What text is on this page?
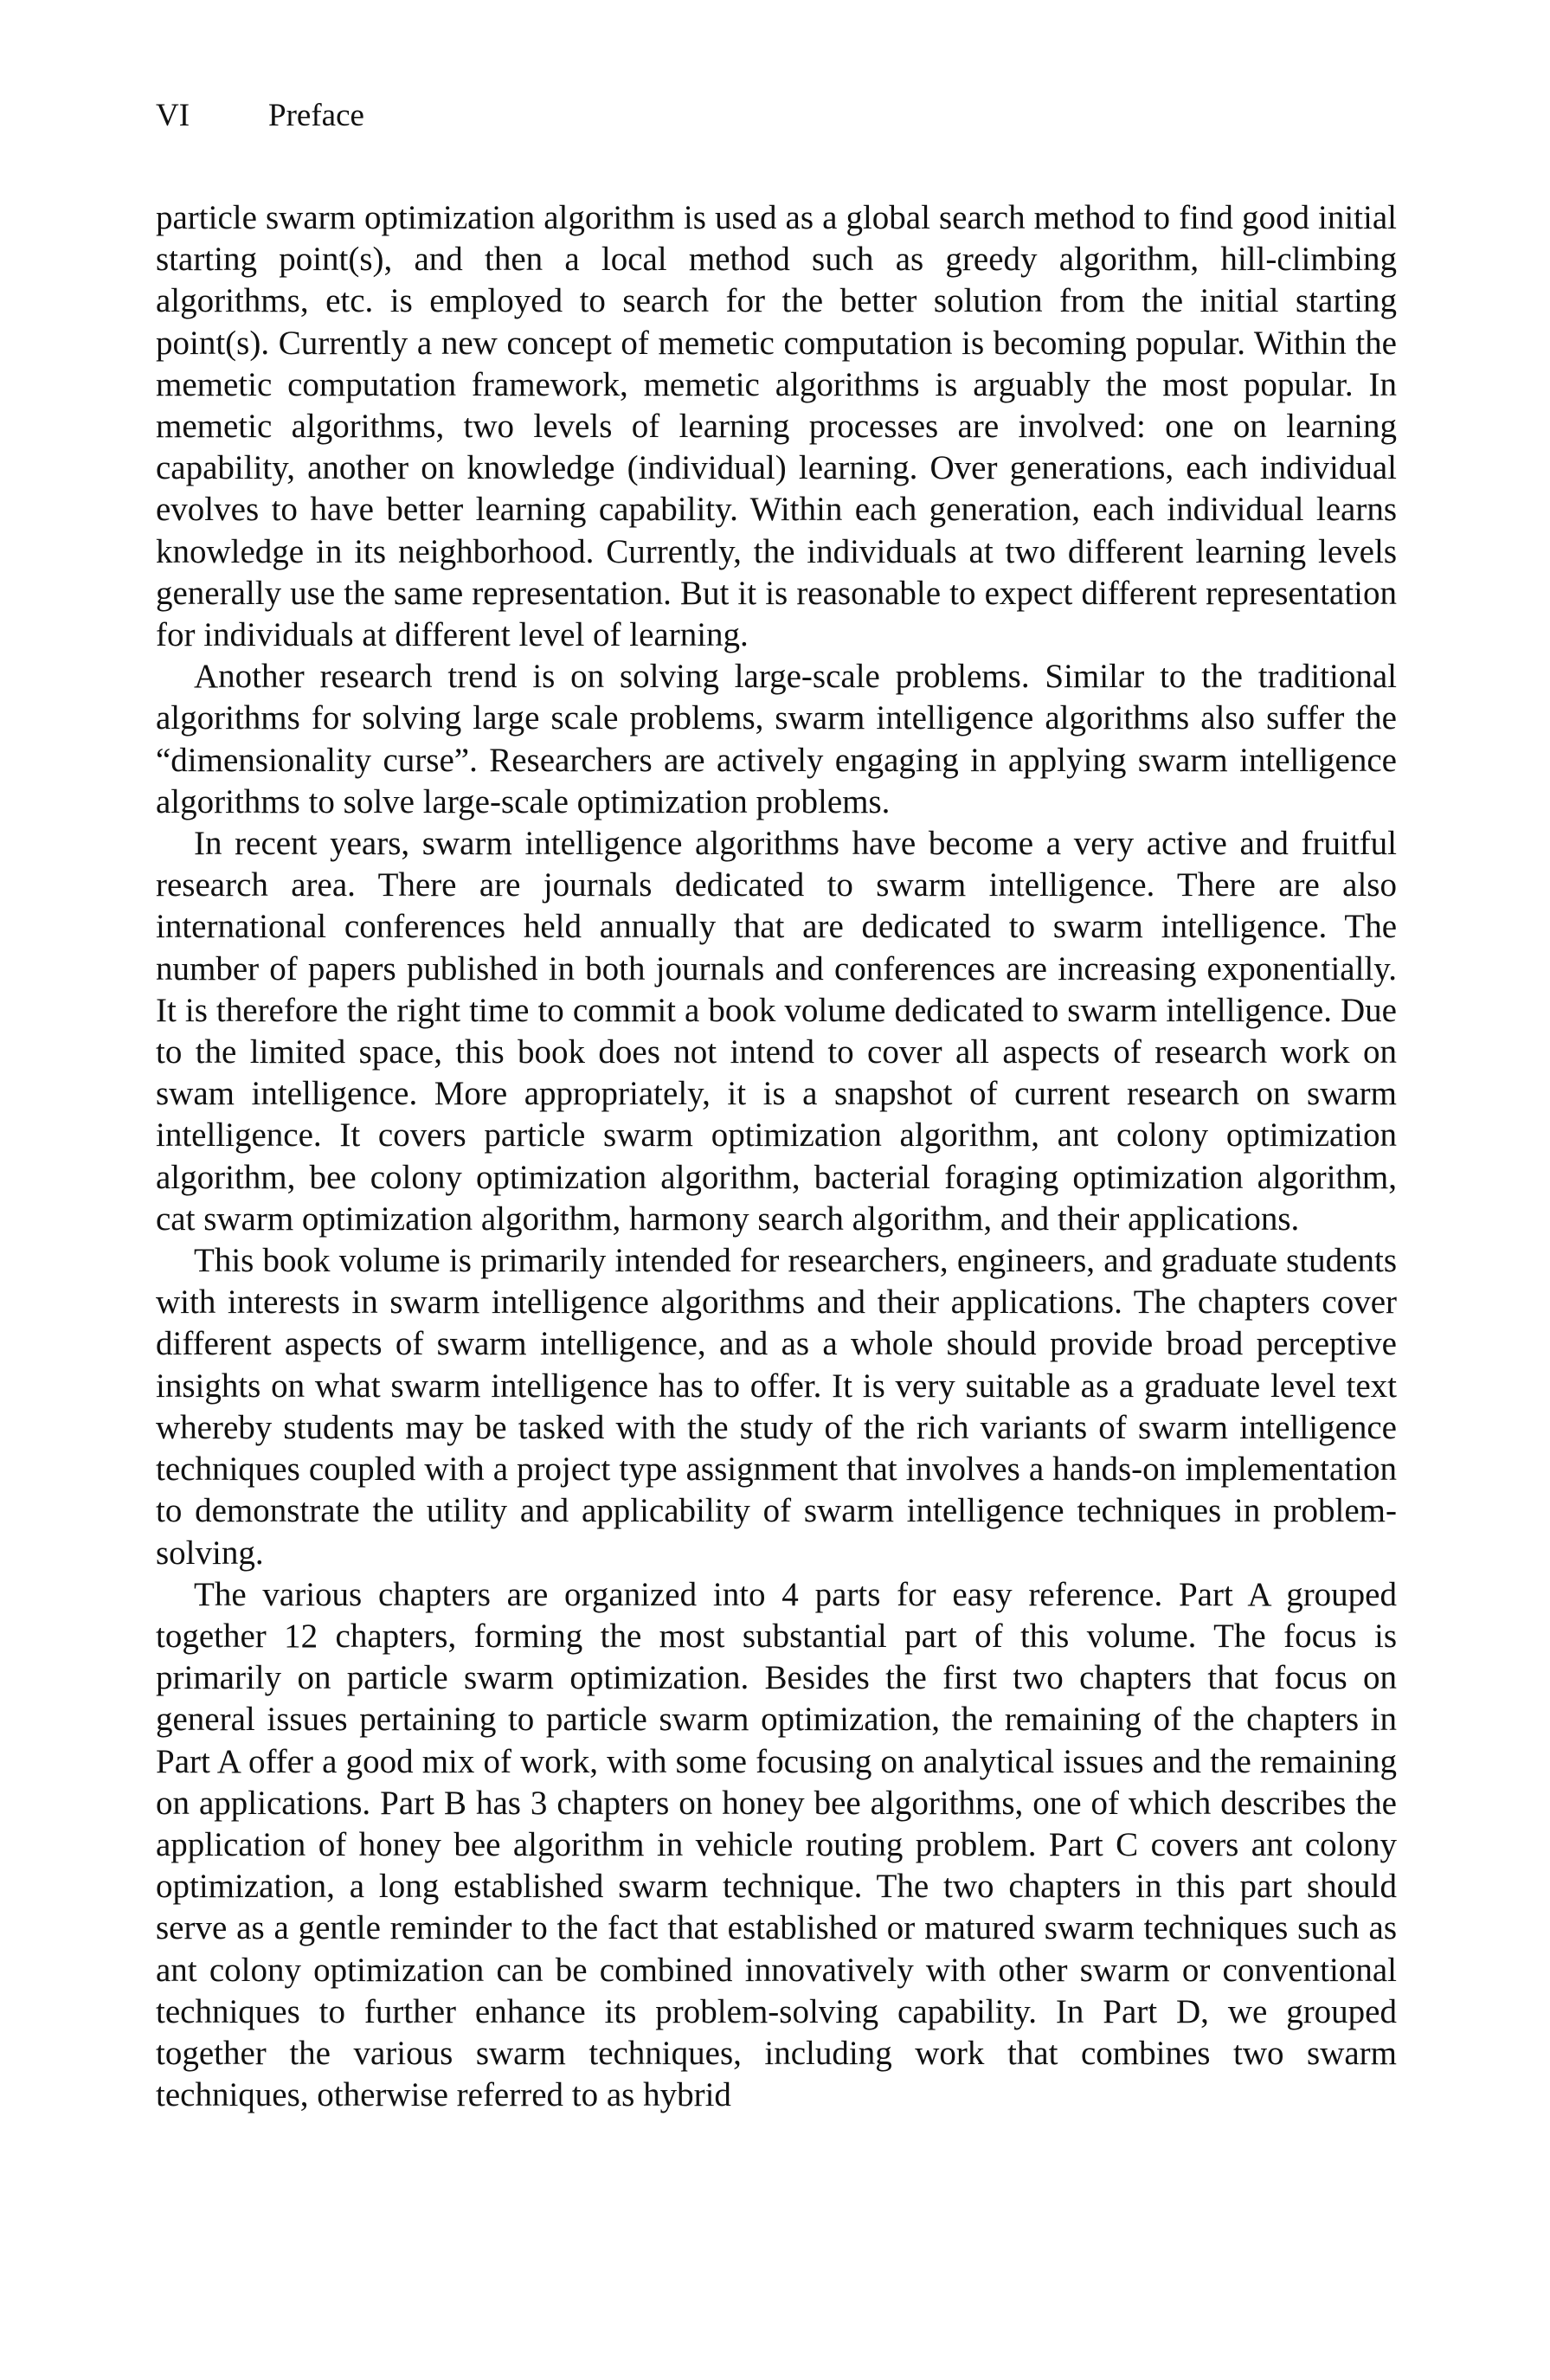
VI Preface

particle swarm optimization algorithm is used as a global search method to find good initial starting point(s), and then a local method such as greedy algorithm, hill-climbing algorithms, etc. is employed to search for the better solution from the initial starting point(s). Currently a new concept of memetic computation is becoming popular. Within the memetic computation framework, memetic algorithms is arguably the most popular. In memetic algorithms, two levels of learning processes are involved: one on learning capability, another on knowledge (individual) learning. Over generations, each individual evolves to have better learning capability. Within each generation, each individual learns knowledge in its neighborhood. Currently, the individuals at two different learning levels generally use the same representation. But it is reasonable to expect different representation for individuals at different level of learning.

Another research trend is on solving large-scale problems. Similar to the traditional algorithms for solving large scale problems, swarm intelligence algorithms also suffer the “dimensionality curse”. Researchers are actively engaging in applying swarm intelligence algorithms to solve large-scale optimization problems.

In recent years, swarm intelligence algorithms have become a very active and fruitful research area. There are journals dedicated to swarm intelligence. There are also international conferences held annually that are dedicated to swarm intelligence. The number of papers published in both journals and conferences are increasing exponentially. It is therefore the right time to commit a book volume dedicated to swarm intelligence. Due to the limited space, this book does not intend to cover all aspects of research work on swam intelligence. More appropriately, it is a snapshot of current research on swarm intelligence. It covers particle swarm optimization algorithm, ant colony optimization algorithm, bee colony optimization algorithm, bacterial foraging optimization algorithm, cat swarm optimization algorithm, harmony search algorithm, and their applications.

This book volume is primarily intended for researchers, engineers, and graduate students with interests in swarm intelligence algorithms and their applications. The chapters cover different aspects of swarm intelligence, and as a whole should provide broad perceptive insights on what swarm intelligence has to offer. It is very suitable as a graduate level text whereby students may be tasked with the study of the rich variants of swarm intelligence techniques coupled with a project type assignment that involves a hands-on implementation to demonstrate the utility and applicability of swarm intelligence techniques in problem-solving.

The various chapters are organized into 4 parts for easy reference. Part A grouped together 12 chapters, forming the most substantial part of this volume. The focus is primarily on particle swarm optimization. Besides the first two chapters that focus on general issues pertaining to particle swarm optimization, the remaining of the chapters in Part A offer a good mix of work, with some focusing on analytical issues and the remaining on applications. Part B has 3 chapters on honey bee algorithms, one of which describes the application of honey bee algorithm in vehicle routing problem. Part C covers ant colony optimization, a long established swarm technique. The two chapters in this part should serve as a gentle reminder to the fact that established or matured swarm techniques such as ant colony optimization can be combined innovatively with other swarm or conventional techniques to further enhance its problem-solving capability. In Part D, we grouped together the various swarm techniques, including work that combines two swarm techniques, otherwise referred to as hybrid
